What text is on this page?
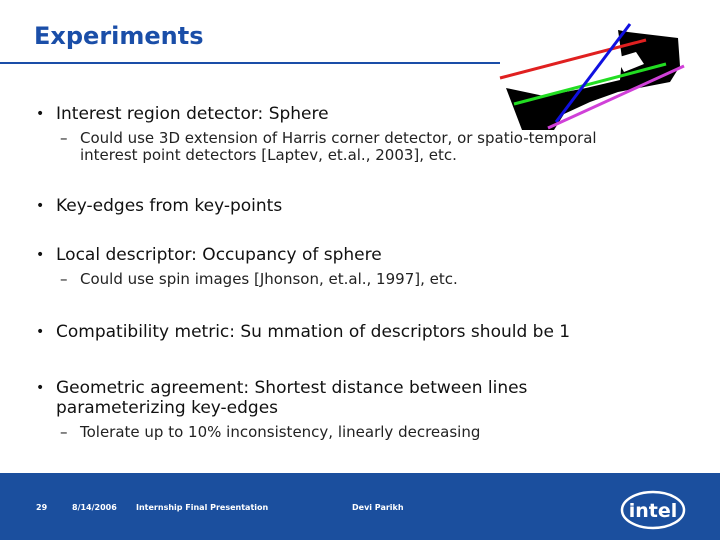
Experiments
• Interest region detector: Sphere
– Could use 3D extension of Harris corner detector, or spatio-temporal interest point detectors [Laptev, et.al., 2003], etc.
• Key-edges from key-points
• Local descriptor: Occupancy of sphere
– Could use spin images [Jhonson, et.al., 1997], etc.
• Compatibility metric: Su mmation of descriptors should be 1
• Geometric agreement: Shortest distance between lines parameterizing key-edges
– Tolerate up to 10% inconsistency, linearly decreasing
29	8/14/2006 Internship Final Presentation	Devi Parikh	intel
